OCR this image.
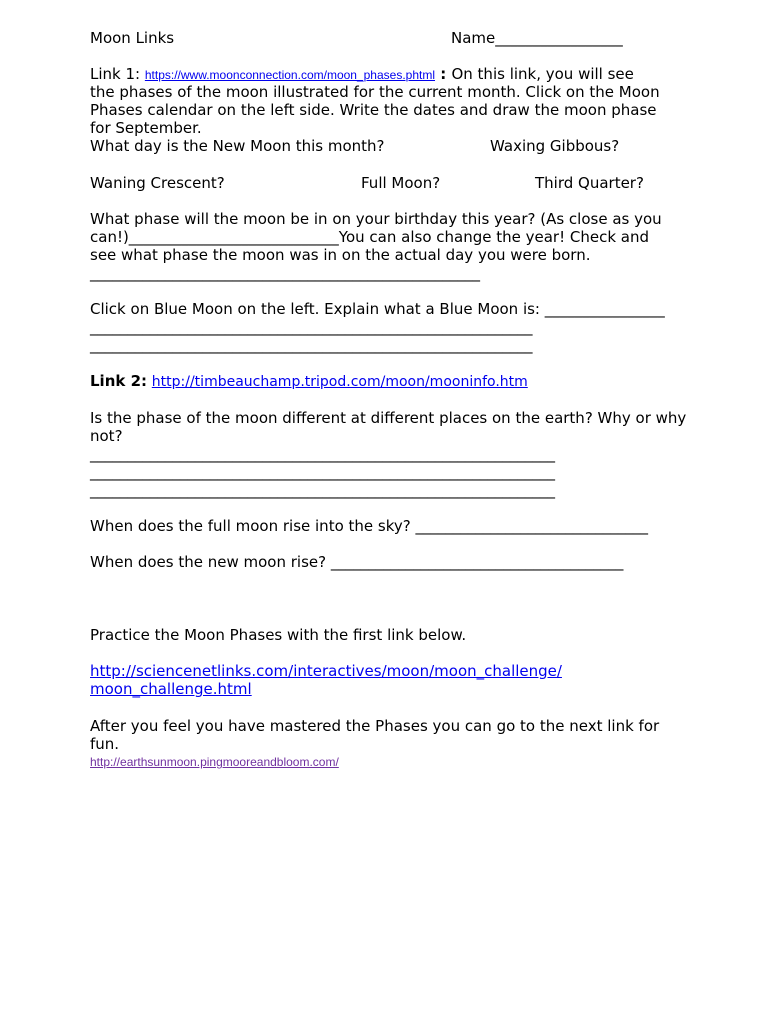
Moon Links	Name_________________
Link 1: https://www.moonconnection.com/moon_phases.phtml : On this link, you will see
the phases of the moon illustrated for the current month. Click on the Moon
Phases calendar on the left side. Write the dates and draw the moon phase
for September.
What day is the New Moon this month?	Waxing Gibbous?
Waning Crescent?	Full Moon?	Third Quarter?
What phase will the moon be in on your birthday this year? (As close as you
can!)____________________________You can also change the year! Check and
see what phase the moon was in on the actual day you were born.
____________________________________________________
Click on Blue Moon on the left. Explain what a Blue Moon is: ________________
___________________________________________________________
___________________________________________________________
Link 2: http://timbeauchamp.tripod.com/moon/mooninfo.htm
Is the phase of the moon different at different places on the earth? Why or why
not?
______________________________________________________________
______________________________________________________________
______________________________________________________________
When does the full moon rise into the sky? _______________________________
When does the new moon rise? _______________________________________
Practice the Moon Phases with the first link below.
http://sciencenetlinks.com/interactives/moon/moon_challenge/
moon_challenge.html
After you feel you have mastered the Phases you can go to the next link for
fun.
http://earthsunmoon.pingmooreandbloom.com/
